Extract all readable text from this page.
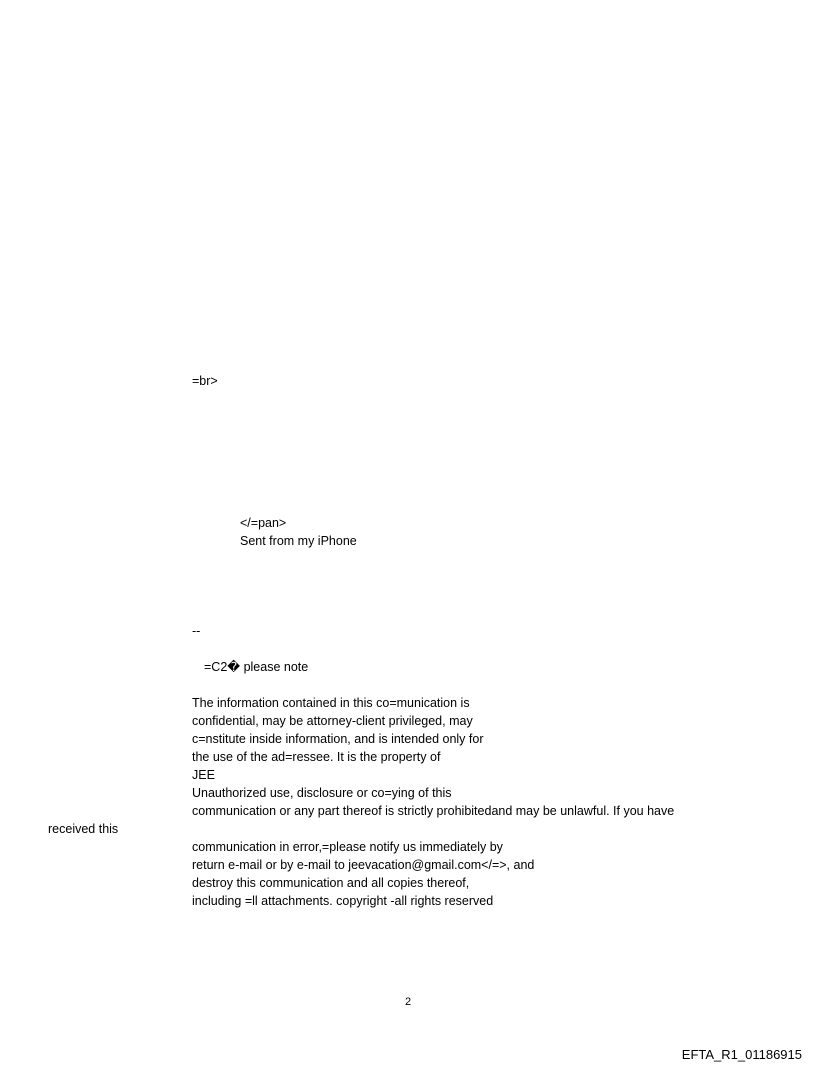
=br>
</=pan>
Sent from my iPhone
--
=C2� please note
The information contained in this co=munication is
confidential, may be attorney-client privileged, may
c=nstitute inside information, and is intended only for
the use of the ad=ressee. It is the property of
JEE
Unauthorized use, disclosure or co=ying of this
communication or any part thereof is strictly prohibitedand may be unlawful. If you have
received this
communication in error,=please notify us immediately by
return e-mail or by e-mail to jeevacation@gmail.com</=>, and
destroy this communication and all copies thereof,
including =ll attachments. copyright -all rights reserved
2
EFTA_R1_01186915
